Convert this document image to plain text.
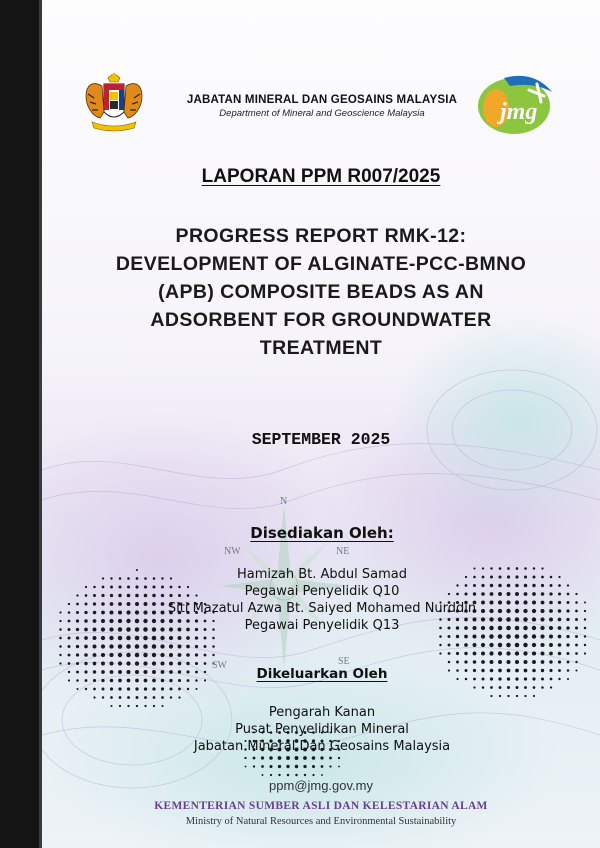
N
NW	NE
SW	SE
JABATAN MINERAL DAN GEOSAINS MALAYSIA
Department of Mineral and Geoscience Malaysia	jmg
LAPORAN PPM R007/2025
PROGRESS REPORT RMK-12:
DEVELOPMENT OF ALGINATE-PCC-BMNO
(APB) COMPOSITE BEADS AS AN
ADSORBENT FOR GROUNDWATER
TREATMENT
SEPTEMBER 2025
Disediakan Oleh:
Hamizah Bt. Abdul Samad
Pegawai Penyelidik Q10
Siti Mazatul Azwa Bt. Saiyed Mohamed Nurddin
Pegawai Penyelidik Q13
Dikeluarkan Oleh
Pengarah Kanan
Pusat Penyelidikan Mineral
Jabatan Mineral Dan Geosains Malaysia
ppm@jmg.gov.my
KEMENTERIAN SUMBER ASLI DAN KELESTARIAN ALAM
Ministry of Natural Resources and Environmental Sustainability
